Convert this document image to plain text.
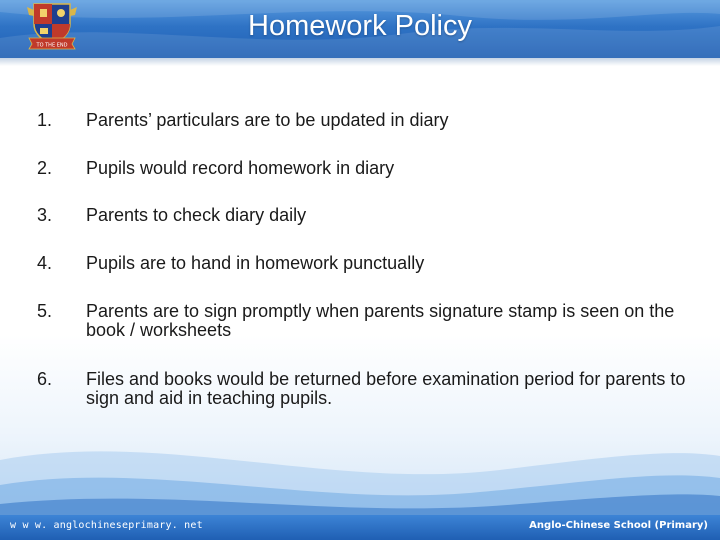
Homework Policy
TO THE END
1.	Parents’ particulars are to be updated in diary
2.	Pupils would record homework in diary
3.	Parents to check diary daily
4.	Pupils are to hand in homework punctually
5.	Parents are to sign promptly when parents signature stamp is seen on the book / worksheets
6.	Files and books would be returned before examination period for parents to sign and aid in teaching pupils.
w w w. anglochineseprimary. net	Anglo-Chinese School (Primary)
